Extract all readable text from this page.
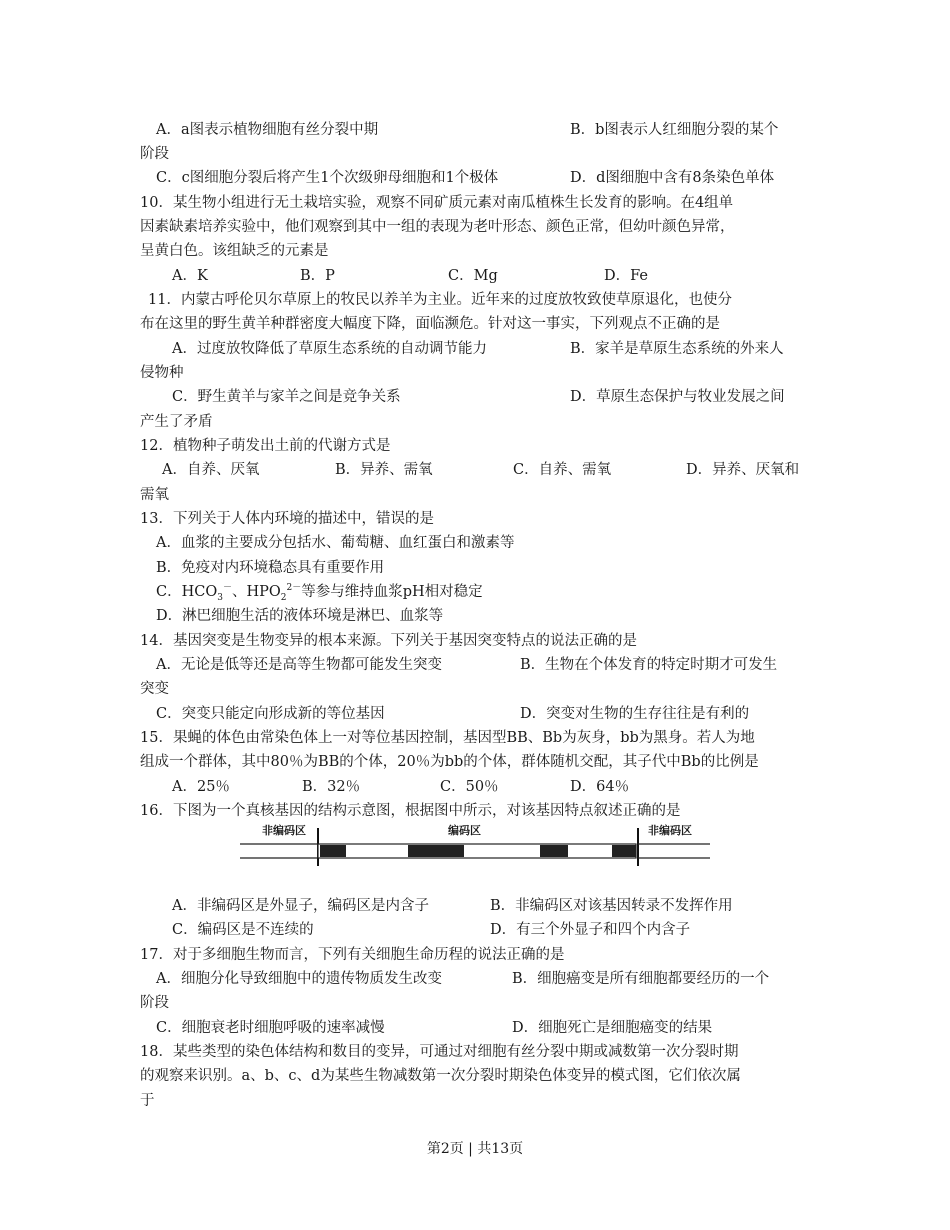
A．a图表示植物细胞有丝分裂中期	B．b图表示人红细胞分裂的某个
阶段
C．c图细胞分裂后将产生1个次级卵母细胞和1个极体	D．d图细胞中含有8条染色单体
10．某生物小组进行无土栽培实验，观察不同矿质元素对南瓜植株生长发育的影响。在4组单
因素缺素培养实验中，他们观察到其中一组的表现为老叶形态、颜色正常，但幼叶颜色异常，
呈黄白色。该组缺乏的元素是
A．K	B．P	C．Mg	D．Fe
11．内蒙古呼伦贝尔草原上的牧民以养羊为主业。近年来的过度放牧致使草原退化，也使分
布在这里的野生黄羊种群密度大幅度下降，面临濒危。针对这一事实，下列观点不正确的是
A．过度放牧降低了草原生态系统的自动调节能力	B．家羊是草原生态系统的外来人
侵物种
C．野生黄羊与家羊之间是竞争关系	D．草原生态保护与牧业发展之间
产生了矛盾
12．植物种子萌发出土前的代谢方式是
A．自养、厌氧	B．异养、需氧	C．自养、需氧	D．异养、厌氧和
需氧
13．下列关于人体内环境的描述中，错误的是
A．血浆的主要成分包括水、葡萄糖、血红蛋白和激素等
B．免疫对内环境稳态具有重要作用
C．$HCO_3^-$、$HPO_2^{2-}$等参与维持血浆pH相对稳定
D．淋巴细胞生活的液体环境是淋巴、血浆等
14．基因突变是生物变异的根本来源。下列关于基因突变特点的说法正确的是
A．无论是低等还是高等生物都可能发生突变	B．生物在个体发育的特定时期才可发生
突变
C．突变只能定向形成新的等位基因	D．突变对生物的生存往往是有利的
15．果蝇的体色由常染色体上一对等位基因控制，基因型BB、Bb为灰身，bb为黑身。若人为地
组成一个群体，其中80％为BB的个体，20％为bb的个体，群体随机交配，其子代中Bb的比例是
A．25％	B．32％	C．50％	D．64％
16．下图为一个真核基因的结构示意图，根据图中所示，对该基因特点叙述正确的是
非编码区	编码区	非编码区
A．非编码区是外显子，编码区是内含子	B．非编码区对该基因转录不发挥作用
C．编码区是不连续的	D．有三个外显子和四个内含子
17．对于多细胞生物而言，下列有关细胞生命历程的说法正确的是
A．细胞分化导致细胞中的遗传物质发生改变	B．细胞癌变是所有细胞都要经历的一个
阶段
C．细胞衰老时细胞呼吸的速率减慢	D．细胞死亡是细胞癌变的结果
18．某些类型的染色体结构和数目的变异，可通过对细胞有丝分裂中期或减数第一次分裂时期
的观察来识别。a、b、c、d为某些生物减数第一次分裂时期染色体变异的模式图，它们依次属
于
第2页 | 共13页
